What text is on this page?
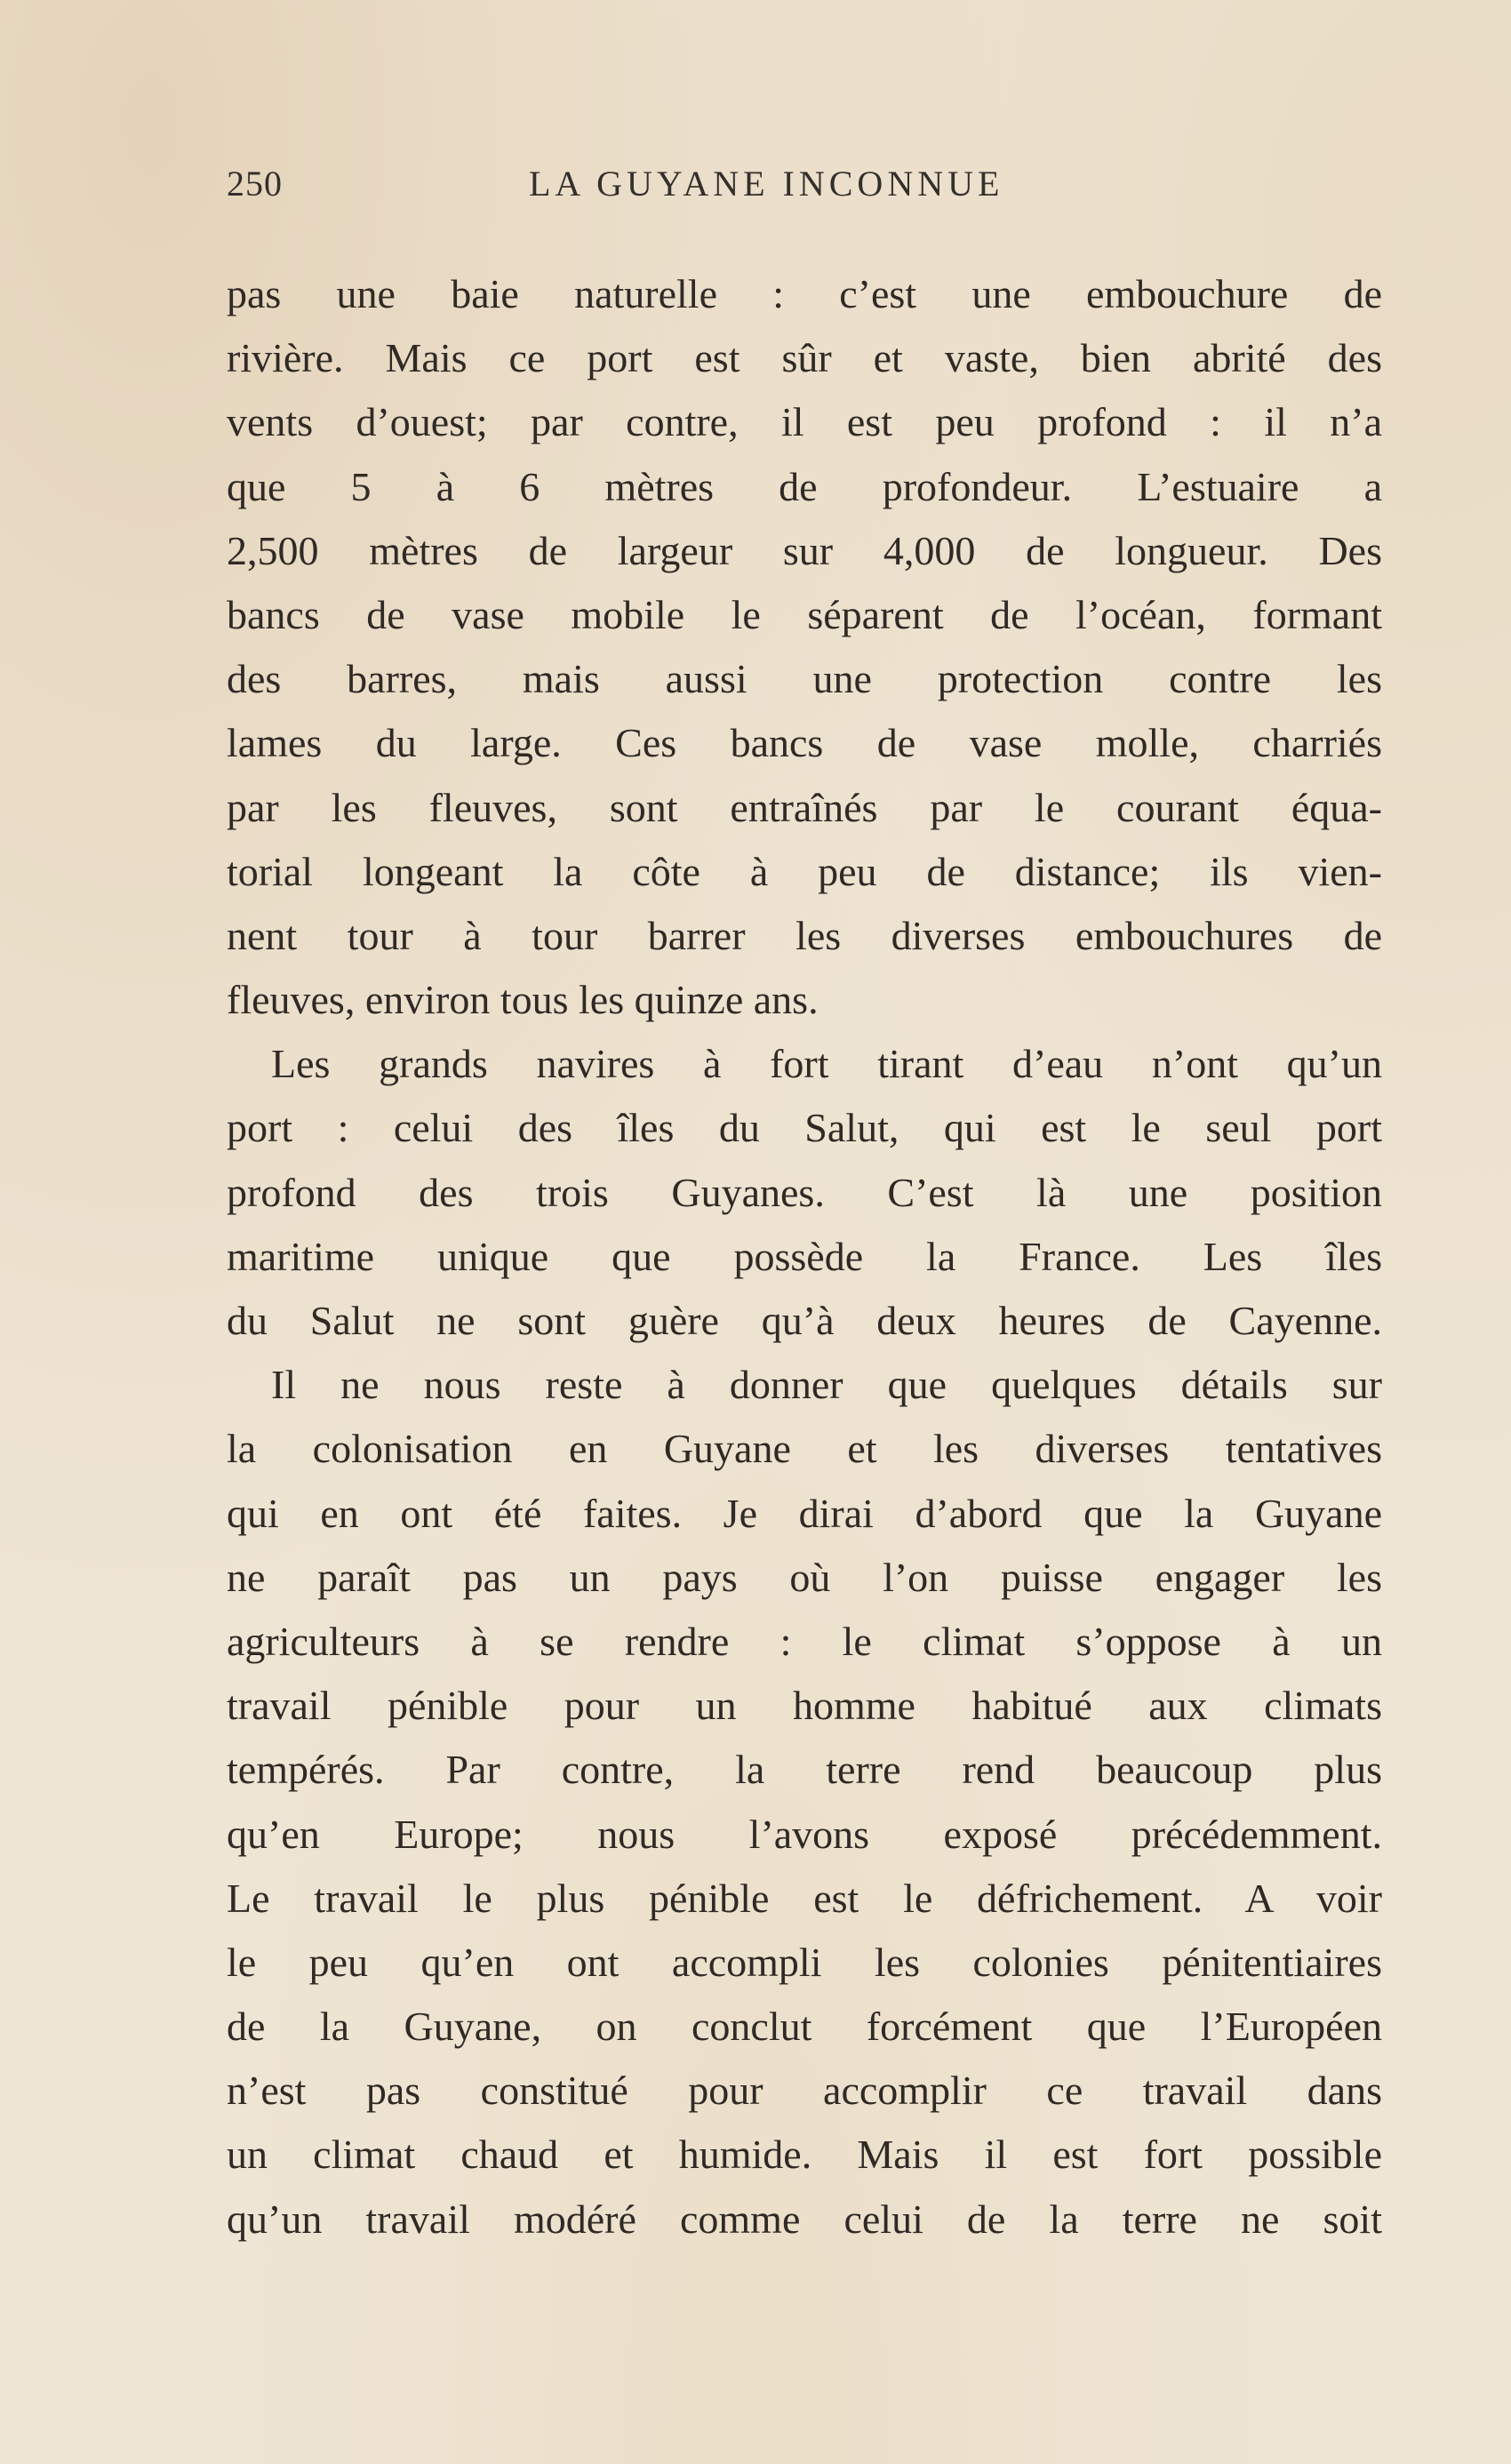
250	LA GUYANE INCONNUE
pas une baie naturelle : c’est une embouchure de
rivière. Mais ce port est sûr et vaste, bien abrité des
vents d’ouest; par contre, il est peu profond : il n’a
que 5 à 6 mètres de profondeur. L’estuaire a
2,500 mètres de largeur sur 4,000 de longueur. Des
bancs de vase mobile le séparent de l’océan, formant
des barres, mais aussi une protection contre les
lames du large. Ces bancs de vase molle, charriés
par les fleuves, sont entraînés par le courant équa-
torial longeant la côte à peu de distance; ils vien-
nent tour à tour barrer les diverses embouchures de
fleuves, environ tous les quinze ans.
Les grands navires à fort tirant d’eau n’ont qu’un
port : celui des îles du Salut, qui est le seul port
profond des trois Guyanes. C’est là une position
maritime unique que possède la France. Les îles
du Salut ne sont guère qu’à deux heures de Cayenne.
Il ne nous reste à donner que quelques détails sur
la colonisation en Guyane et les diverses tentatives
qui en ont été faites. Je dirai d’abord que la Guyane
ne paraît pas un pays où l’on puisse engager les
agriculteurs à se rendre : le climat s’oppose à un
travail pénible pour un homme habitué aux climats
tempérés. Par contre, la terre rend beaucoup plus
qu’en Europe; nous l’avons exposé précédemment.
Le travail le plus pénible est le défrichement. A voir
le peu qu’en ont accompli les colonies pénitentiaires
de la Guyane, on conclut forcément que l’Européen
n’est pas constitué pour accomplir ce travail dans
un climat chaud et humide. Mais il est fort possible
qu’un travail modéré comme celui de la terre ne soit
